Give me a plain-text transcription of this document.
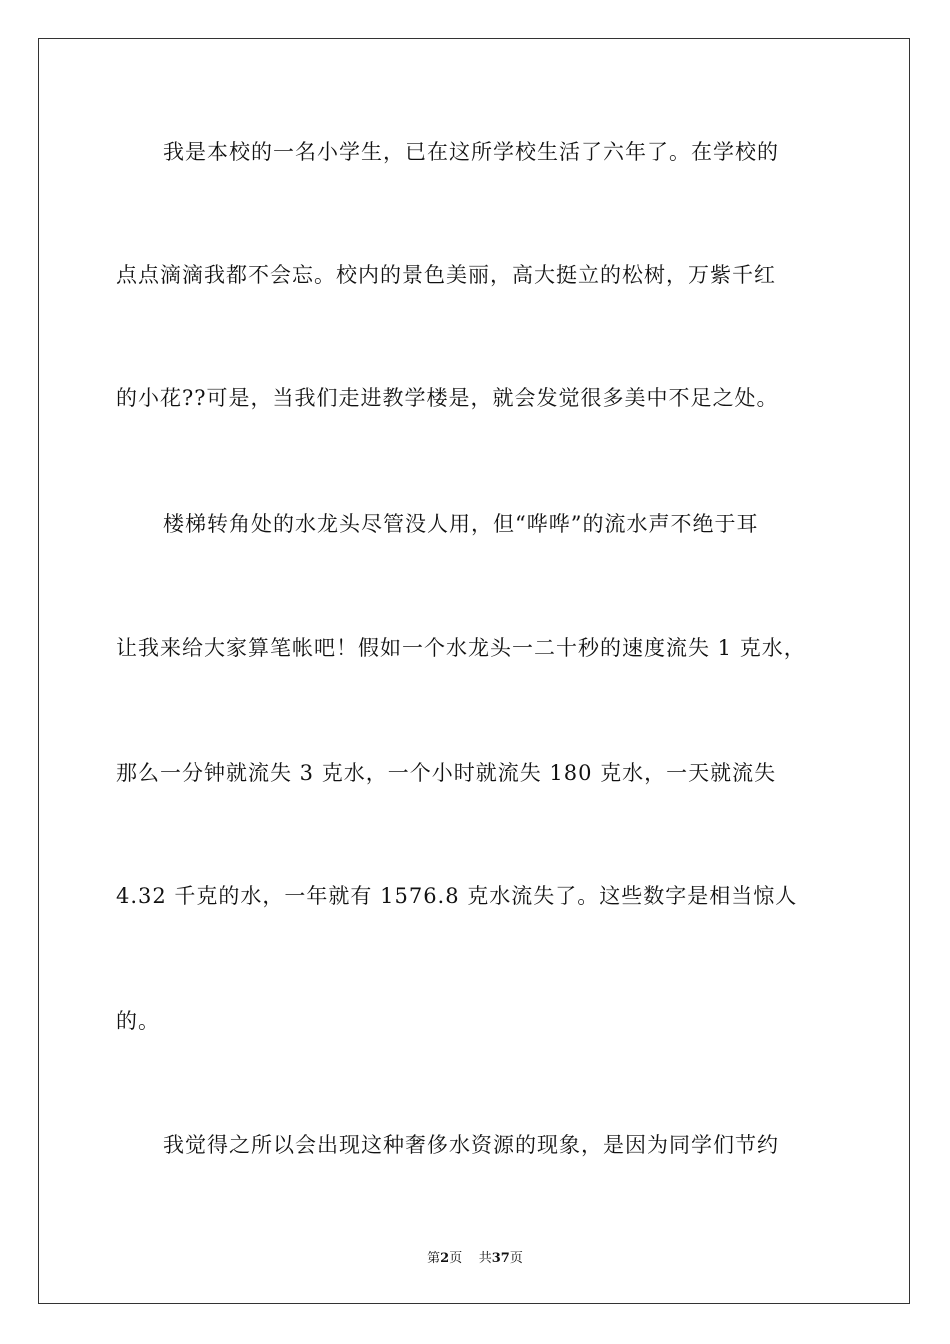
我是本校的一名小学生，已在这所学校生活了六年了。在学校的
点点滴滴我都不会忘。校内的景色美丽，高大挺立的松树，万紫千红
的小花??可是，当我们走进教学楼是，就会发觉很多美中不足之处。
楼梯转角处的水龙头尽管没人用，但“哗哗”的流水声不绝于耳
让我来给大家算笔帐吧！假如一个水龙头一二十秒的速度流失 1 克水，
那么一分钟就流失 3 克水，一个小时就流失 180 克水，一天就流失
4.32 千克的水，一年就有 1576.8 克水流失了。这些数字是相当惊人
的。
我觉得之所以会出现这种奢侈水资源的现象，是因为同学们节约
第2页 共37页
